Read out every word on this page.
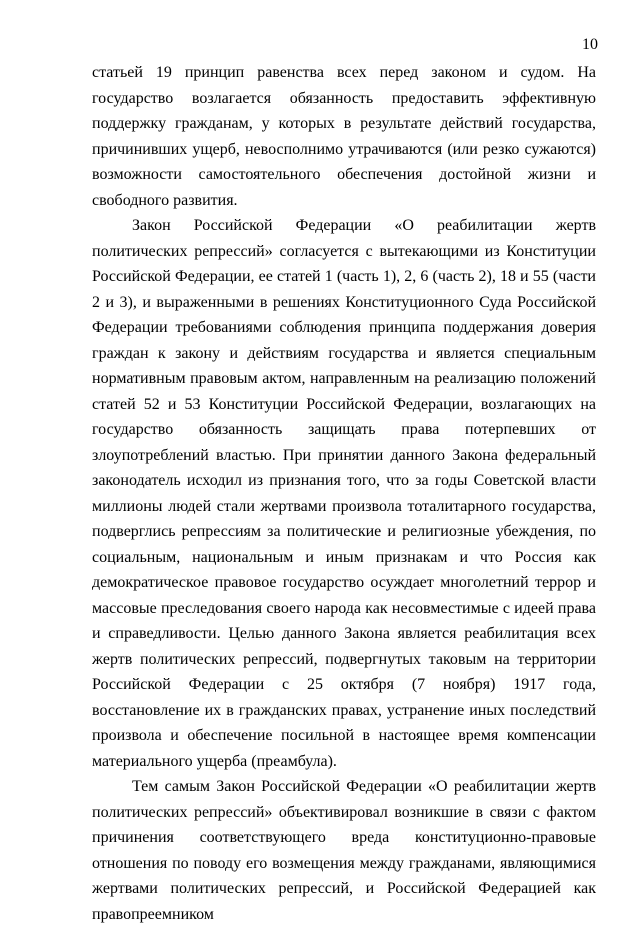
10

статьей 19 принцип равенства всех перед законом и судом. На государство возлагается обязанность предоставить эффективную поддержку гражданам, у которых в результате действий государства, причинивших ущерб, невосполнимо утрачиваются (или резко сужаются) возможности самостоятельного обеспечения достойной жизни и свободного развития.

Закон Российской Федерации «О реабилитации жертв политических репрессий» согласуется с вытекающими из Конституции Российской Федерации, ее статей 1 (часть 1), 2, 6 (часть 2), 18 и 55 (части 2 и 3), и выраженными в решениях Конституционного Суда Российской Федерации требованиями соблюдения принципа поддержания доверия граждан к закону и действиям государства и является специальным нормативным правовым актом, направленным на реализацию положений статей 52 и 53 Конституции Российской Федерации, возлагающих на государство обязанность защищать права потерпевших от злоупотреблений властью. При принятии данного Закона федеральный законодатель исходил из признания того, что за годы Советской власти миллионы людей стали жертвами произвола тоталитарного государства, подверглись репрессиям за политические и религиозные убеждения, по социальным, национальным и иным признакам и что Россия как демократическое правовое государство осуждает многолетний террор и массовые преследования своего народа как несовместимые с идеей права и справедливости. Целью данного Закона является реабилитация всех жертв политических репрессий, подвергнутых таковым на территории Российской Федерации с 25 октября (7 ноября) 1917 года, восстановление их в гражданских правах, устранение иных последствий произвола и обеспечение посильной в настоящее время компенсации материального ущерба (преамбула).

Тем самым Закон Российской Федерации «О реабилитации жертв политических репрессий» объективировал возникшие в связи с фактом причинения соответствующего вреда конституционно-правовые отношения по поводу его возмещения между гражданами, являющимися жертвами политических репрессий, и Российской Федерацией как правопреемником
